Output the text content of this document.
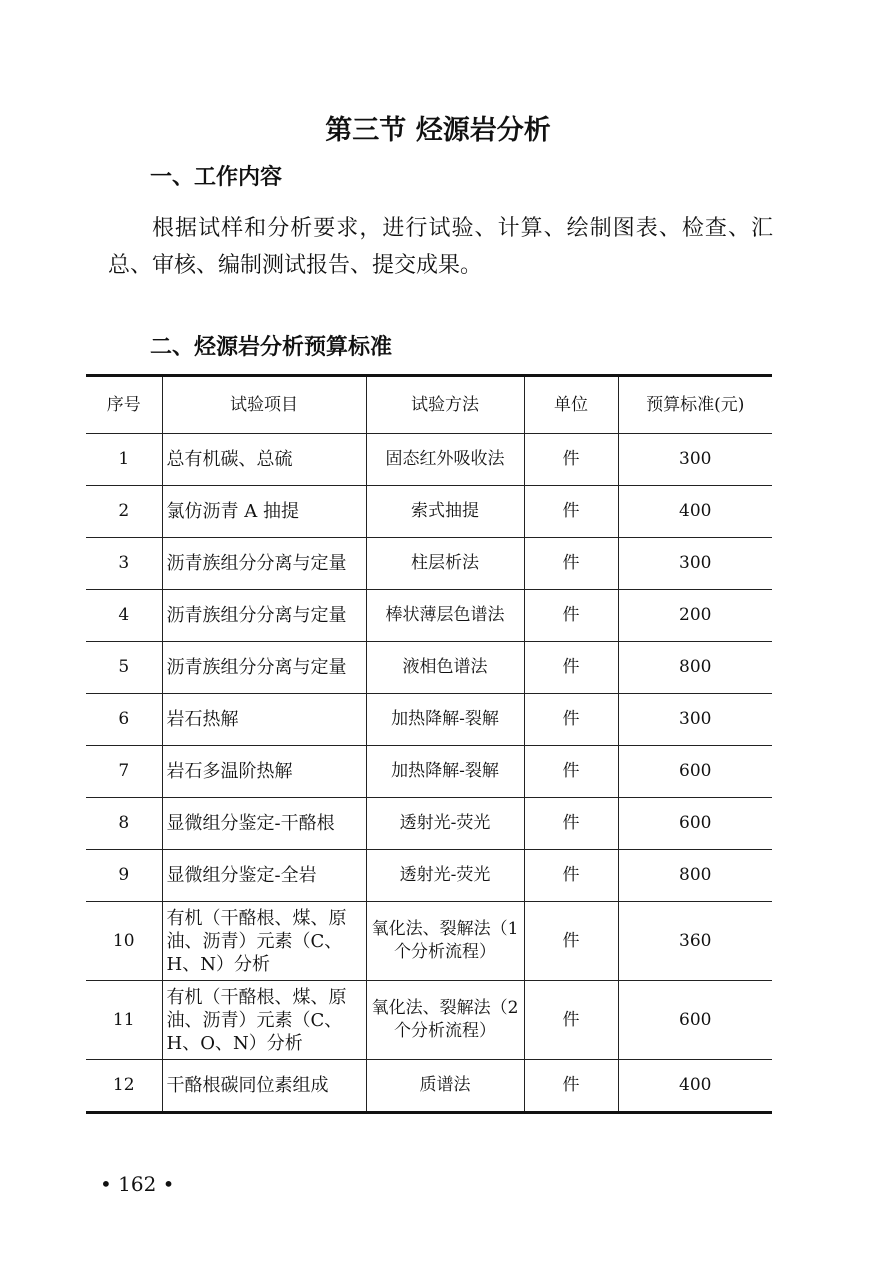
第三节 烃源岩分析
一、工作内容
根据试样和分析要求，进行试验、计算、绘制图表、检查、汇总、审核、编制测试报告、提交成果。
二、烃源岩分析预算标准
序号	试验项目	试验方法	单位	预算标准(元)
1	总有机碳、总硫	固态红外吸收法	件	300
2	氯仿沥青 A 抽提	索式抽提	件	400
3	沥青族组分分离与定量	柱层析法	件	300
4	沥青族组分分离与定量	棒状薄层色谱法	件	200
5	沥青族组分分离与定量	液相色谱法	件	800
6	岩石热解	加热降解-裂解	件	300
7	岩石多温阶热解	加热降解-裂解	件	600
8	显微组分鉴定-干酪根	透射光-荧光	件	600
9	显微组分鉴定-全岩	透射光-荧光	件	800
10	有机（干酪根、煤、原油、沥青）元素（C、H、N）分析	氧化法、裂解法（1个分析流程）	件	360
11	有机（干酪根、煤、原油、沥青）元素（C、H、O、N）分析	氧化法、裂解法（2个分析流程）	件	600
12	干酪根碳同位素组成	质谱法	件	400
• 162 •
